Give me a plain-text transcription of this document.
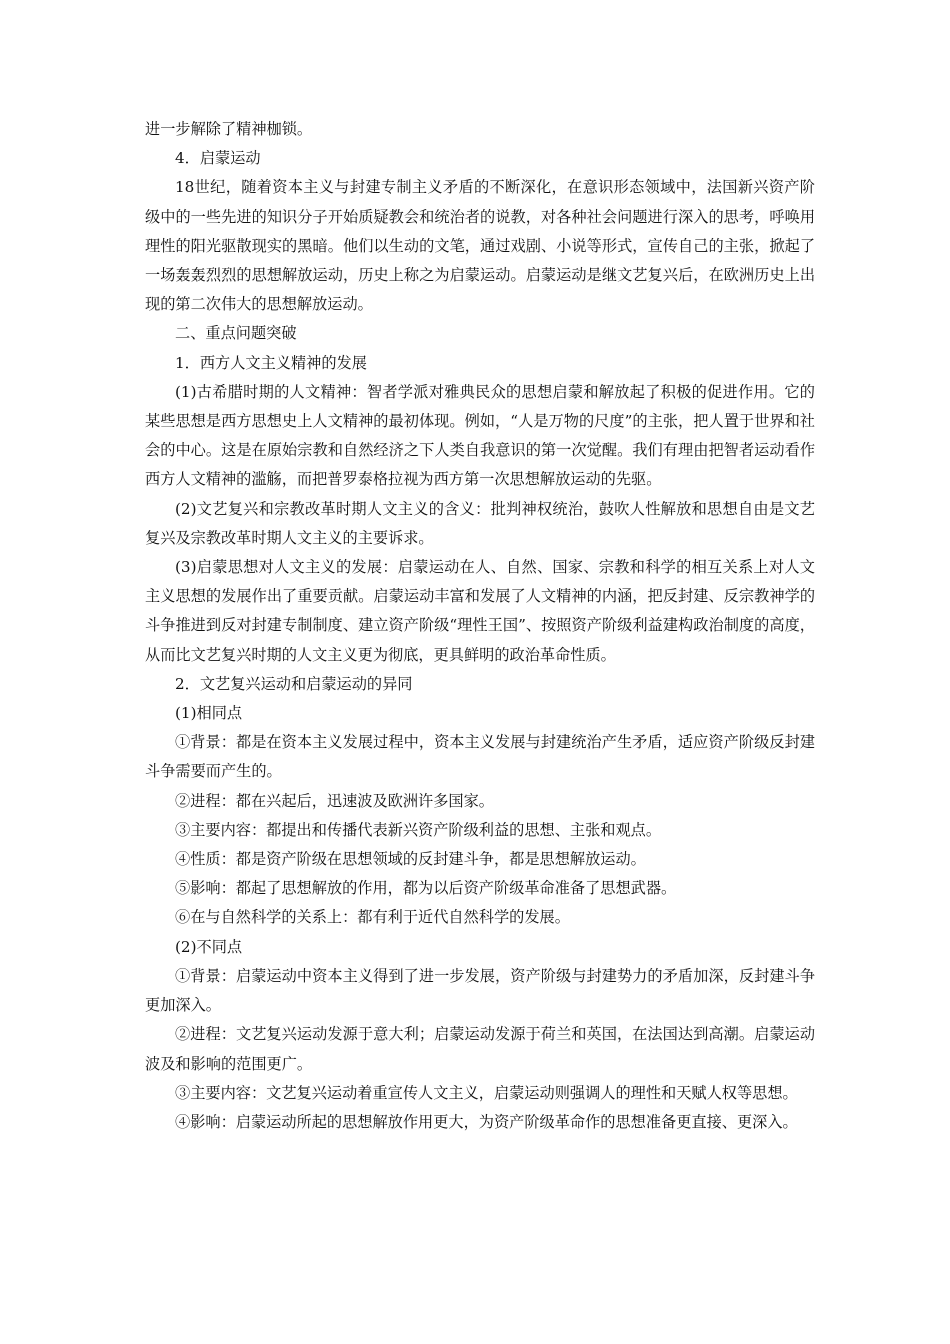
进一步解除了精神枷锁。

4．启蒙运动

18世纪，随着资本主义与封建专制主义矛盾的不断深化，在意识形态领域中，法国新兴资产阶级中的一些先进的知识分子开始质疑教会和统治者的说教，对各种社会问题进行深入的思考，呼唤用理性的阳光驱散现实的黑暗。他们以生动的文笔，通过戏剧、小说等形式，宣传自己的主张，掀起了一场轰轰烈烈的思想解放运动，历史上称之为启蒙运动。启蒙运动是继文艺复兴后，在欧洲历史上出现的第二次伟大的思想解放运动。

二、重点问题突破

1．西方人文主义精神的发展

(1)古希腊时期的人文精神：智者学派对雅典民众的思想启蒙和解放起了积极的促进作用。它的某些思想是西方思想史上人文精神的最初体现。例如，“人是万物的尺度”的主张，把人置于世界和社会的中心。这是在原始宗教和自然经济之下人类自我意识的第一次觉醒。我们有理由把智者运动看作西方人文精神的滥觞，而把普罗泰格拉视为西方第一次思想解放运动的先驱。

(2)文艺复兴和宗教改革时期人文主义的含义：批判神权统治，鼓吹人性解放和思想自由是文艺复兴及宗教改革时期人文主义的主要诉求。

(3)启蒙思想对人文主义的发展：启蒙运动在人、自然、国家、宗教和科学的相互关系上对人文主义思想的发展作出了重要贡献。启蒙运动丰富和发展了人文精神的内涵，把反封建、反宗教神学的斗争推进到反对封建专制制度、建立资产阶级“理性王国”、按照资产阶级利益建构政治制度的高度，从而比文艺复兴时期的人文主义更为彻底，更具鲜明的政治革命性质。

2．文艺复兴运动和启蒙运动的异同

(1)相同点

①背景：都是在资本主义发展过程中，资本主义发展与封建统治产生矛盾，适应资产阶级反封建斗争需要而产生的。

②进程：都在兴起后，迅速波及欧洲许多国家。

③主要内容：都提出和传播代表新兴资产阶级利益的思想、主张和观点。

④性质：都是资产阶级在思想领域的反封建斗争，都是思想解放运动。

⑤影响：都起了思想解放的作用，都为以后资产阶级革命准备了思想武器。

⑥在与自然科学的关系上：都有利于近代自然科学的发展。

(2)不同点

①背景：启蒙运动中资本主义得到了进一步发展，资产阶级与封建势力的矛盾加深，反封建斗争更加深入。

②进程：文艺复兴运动发源于意大利；启蒙运动发源于荷兰和英国，在法国达到高潮。启蒙运动波及和影响的范围更广。

③主要内容：文艺复兴运动着重宣传人文主义，启蒙运动则强调人的理性和天赋人权等思想。

④影响：启蒙运动所起的思想解放作用更大，为资产阶级革命作的思想准备更直接、更深入。
